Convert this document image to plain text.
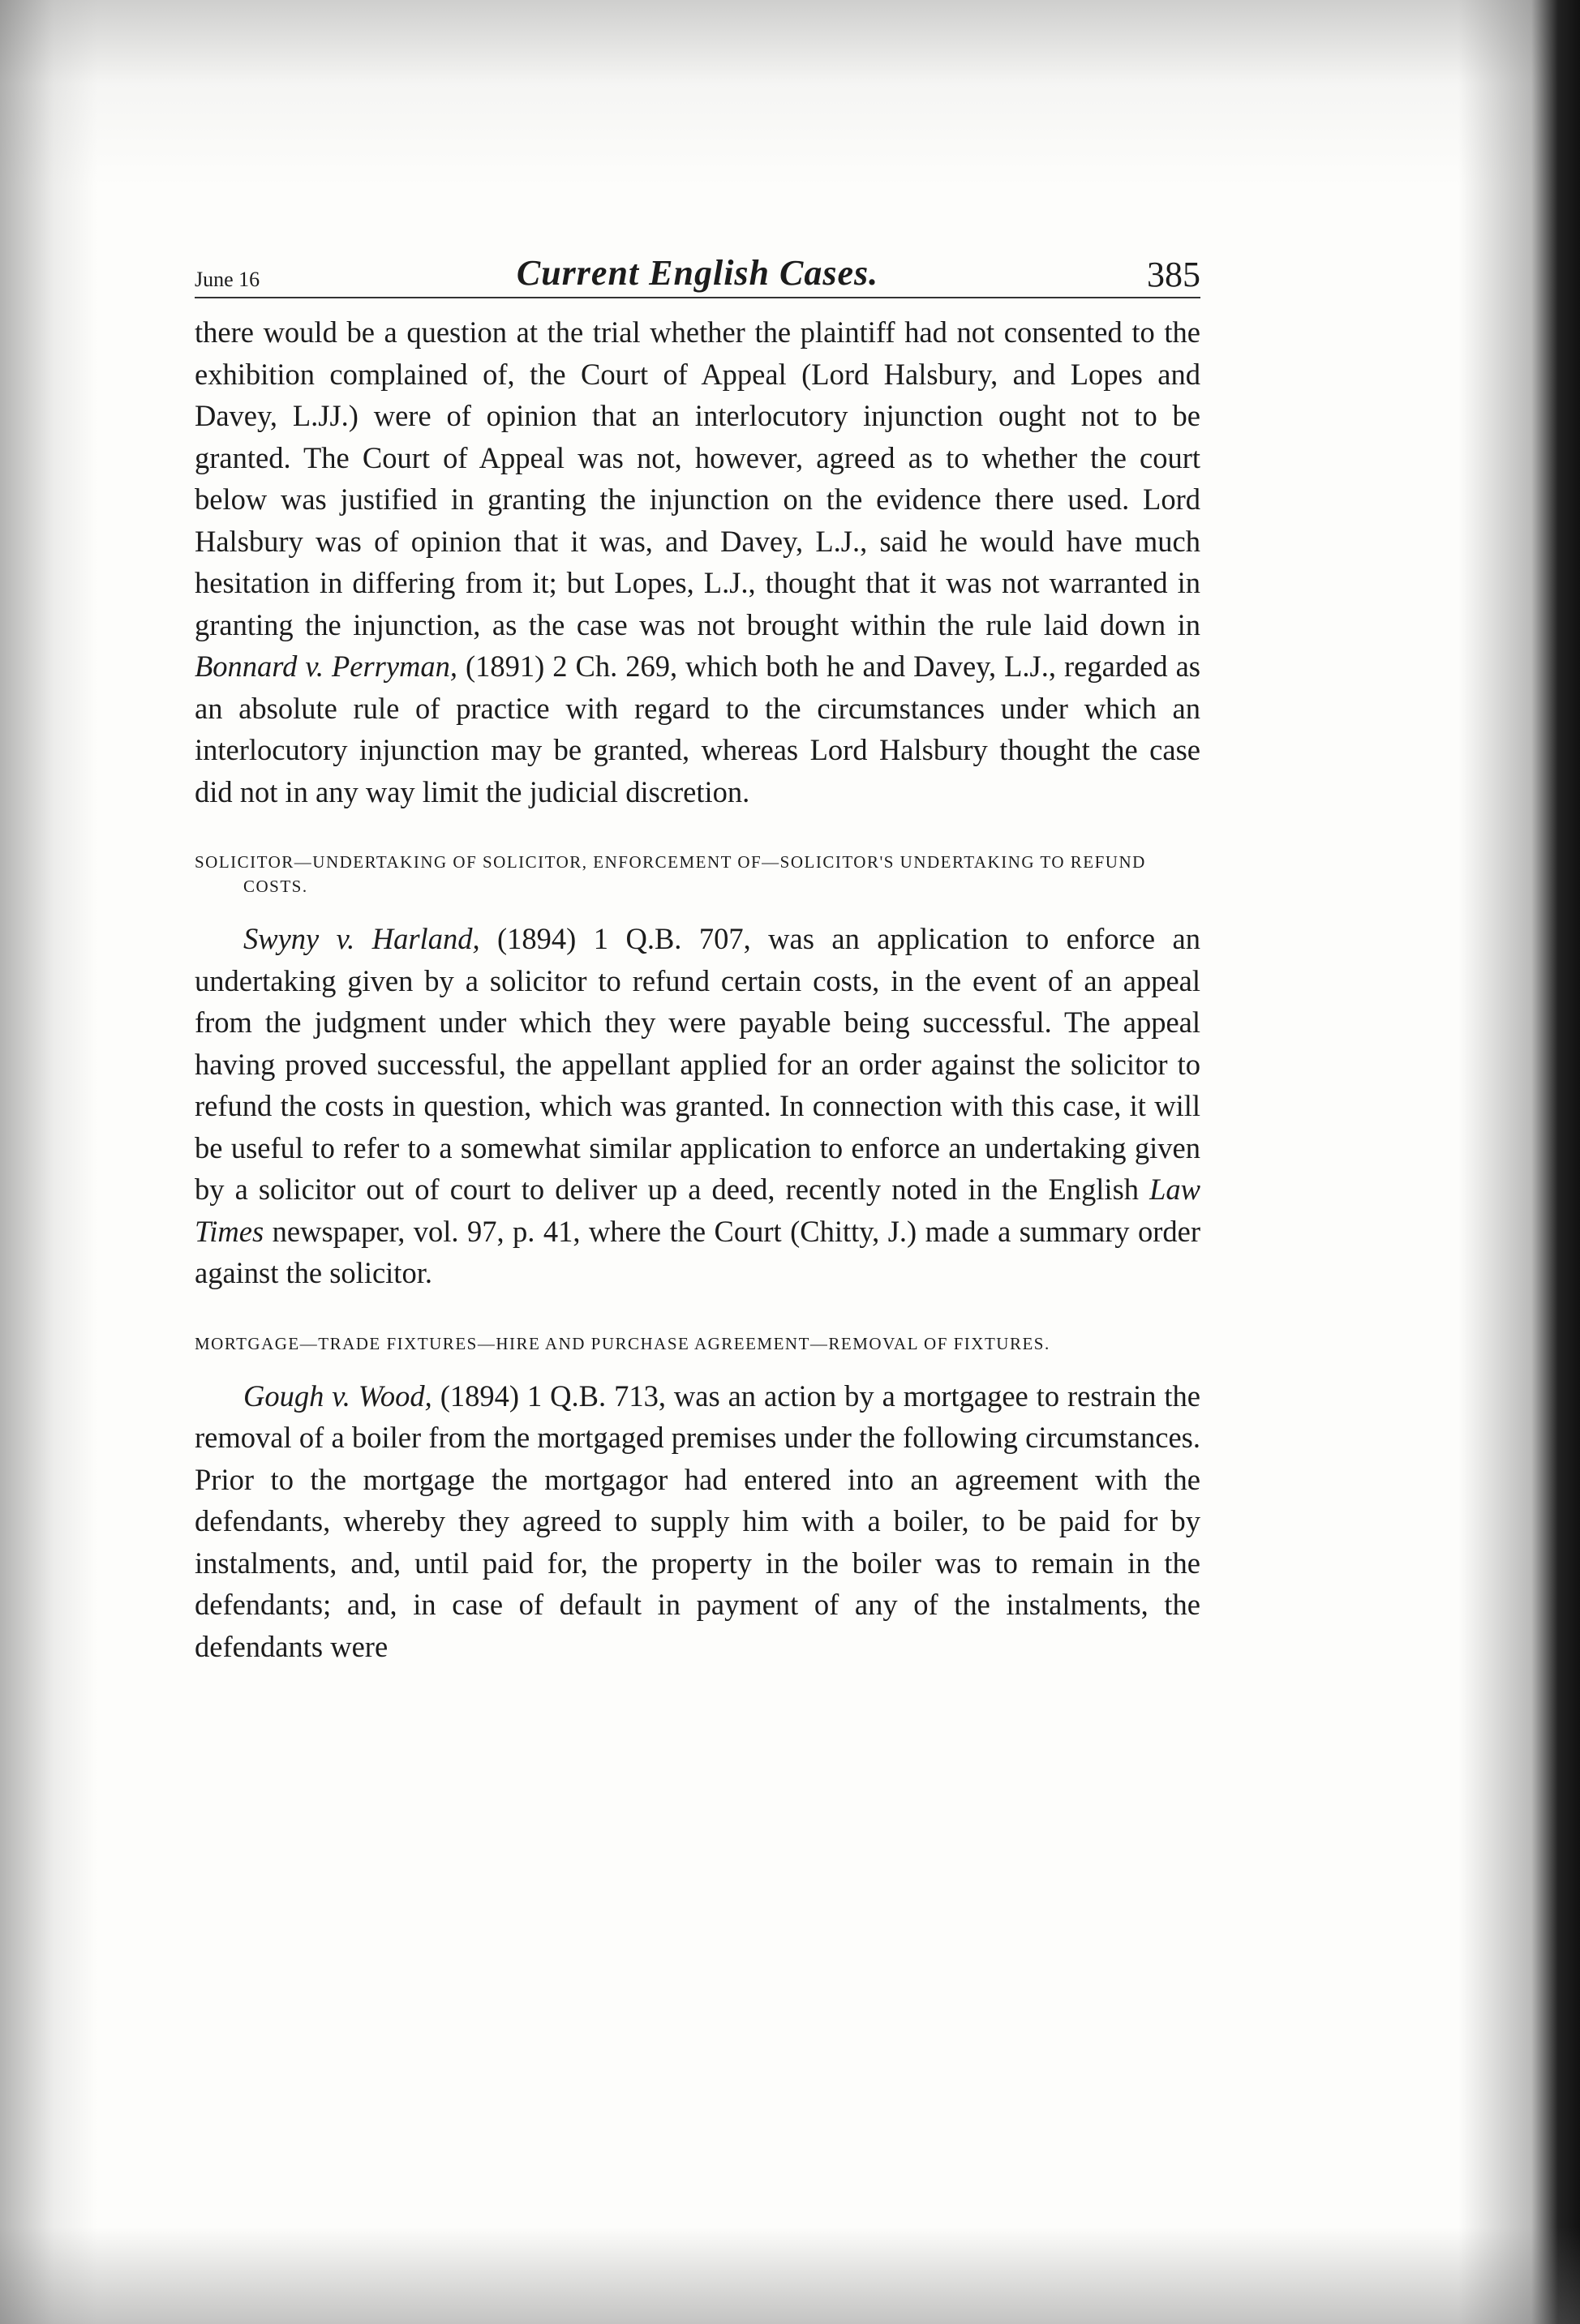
June 16	Current English Cases.	385

there would be a question at the trial whether the plaintiff had not consented to the exhibition complained of, the Court of Appeal (Lord Halsbury, and Lopes and Davey, L.JJ.) were of opinion that an interlocutory injunction ought not to be granted. The Court of Appeal was not, however, agreed as to whether the court below was justified in granting the injunction on the evidence there used. Lord Halsbury was of opinion that it was, and Davey, L.J., said he would have much hesitation in differing from it; but Lopes, L.J., thought that it was not warranted in granting the injunction, as the case was not brought within the rule laid down in Bonnard v. Perryman, (1891) 2 Ch. 269, which both he and Davey, L.J., regarded as an absolute rule of practice with regard to the circumstances under which an interlocutory injunction may be granted, whereas Lord Halsbury thought the case did not in any way limit the judicial discretion.

SOLICITOR—UNDERTAKING OF SOLICITOR, ENFORCEMENT OF—SOLICITOR'S UNDERTAKING TO REFUND COSTS.

Swyny v. Harland, (1894) 1 Q.B. 707, was an application to enforce an undertaking given by a solicitor to refund certain costs, in the event of an appeal from the judgment under which they were payable being successful. The appeal having proved successful, the appellant applied for an order against the solicitor to refund the costs in question, which was granted. In connection with this case, it will be useful to refer to a somewhat similar application to enforce an undertaking given by a solicitor out of court to deliver up a deed, recently noted in the English Law Times newspaper, vol. 97, p. 41, where the Court (Chitty, J.) made a summary order against the solicitor.

MORTGAGE—TRADE FIXTURES—HIRE AND PURCHASE AGREEMENT—REMOVAL OF FIXTURES.

Gough v. Wood, (1894) 1 Q.B. 713, was an action by a mortgagee to restrain the removal of a boiler from the mortgaged premises under the following circumstances. Prior to the mortgage the mortgagor had entered into an agreement with the defendants, whereby they agreed to supply him with a boiler, to be paid for by instalments, and, until paid for, the property in the boiler was to remain in the defendants; and, in case of default in payment of any of the instalments, the defendants were
